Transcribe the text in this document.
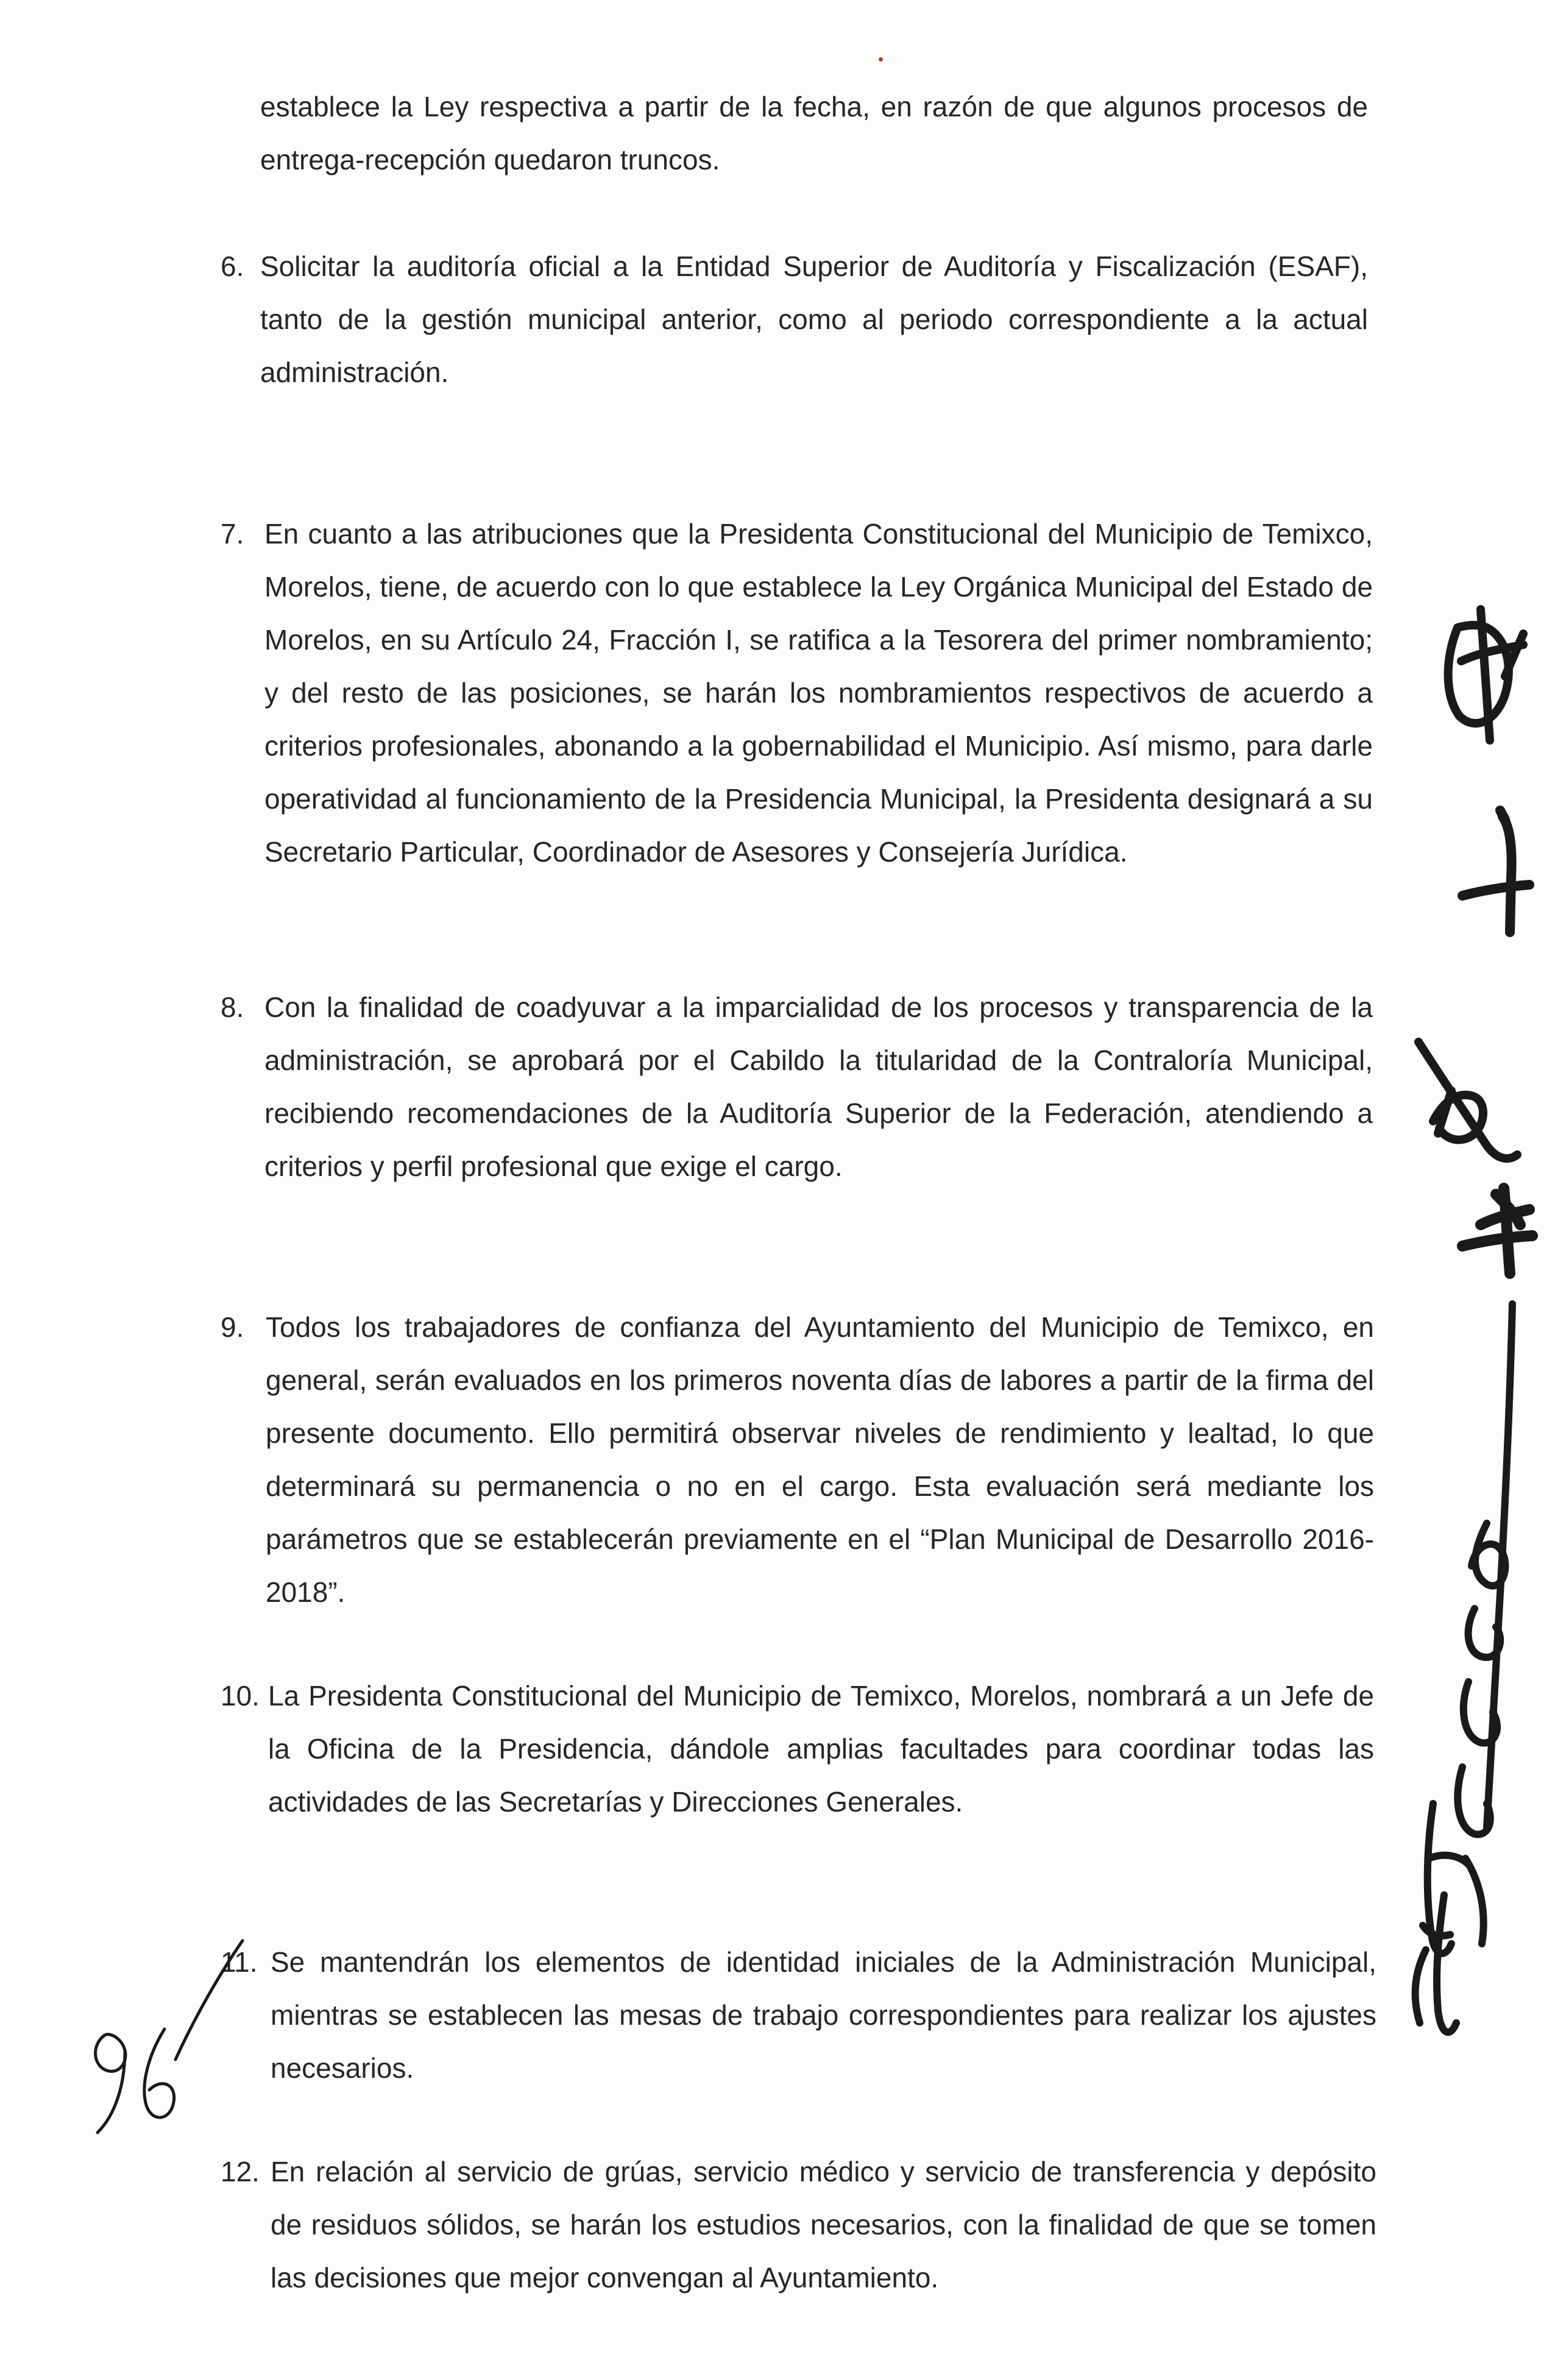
establece la Ley respectiva a partir de la fecha, en razón de que algunos procesos de entrega-recepción quedaron truncos.

6. Solicitar la auditoría oficial a la Entidad Superior de Auditoría y Fiscalización (ESAF), tanto de la gestión municipal anterior, como al periodo correspondiente a la actual administración.

7. En cuanto a las atribuciones que la Presidenta Constitucional del Municipio de Temixco, Morelos, tiene, de acuerdo con lo que establece la Ley Orgánica Municipal del Estado de Morelos, en su Artículo 24, Fracción I, se ratifica a la Tesorera del primer nombramiento; y del resto de las posiciones, se harán los nombramientos respectivos de acuerdo a criterios profesionales, abonando a la gobernabilidad el Municipio. Así mismo, para darle operatividad al funcionamiento de la Presidencia Municipal, la Presidenta designará a su Secretario Particular, Coordinador de Asesores y Consejería Jurídica.

8. Con la finalidad de coadyuvar a la imparcialidad de los procesos y transparencia de la administración, se aprobará por el Cabildo la titularidad de la Contraloría Municipal, recibiendo recomendaciones de la Auditoría Superior de la Federación, atendiendo a criterios y perfil profesional que exige el cargo.

9. Todos los trabajadores de confianza del Ayuntamiento del Municipio de Temixco, en general, serán evaluados en los primeros noventa días de labores a partir de la firma del presente documento. Ello permitirá observar niveles de rendimiento y lealtad, lo que determinará su permanencia o no en el cargo. Esta evaluación será mediante los parámetros que se establecerán previamente en el “Plan Municipal de Desarrollo 2016-2018”.

10. La Presidenta Constitucional del Municipio de Temixco, Morelos, nombrará a un Jefe de la Oficina de la Presidencia, dándole amplias facultades para coordinar todas las actividades de las Secretarías y Direcciones Generales.

11. Se mantendrán los elementos de identidad iniciales de la Administración Municipal, mientras se establecen las mesas de trabajo correspondientes para realizar los ajustes necesarios.

12. En relación al servicio de grúas, servicio médico y servicio de transferencia y depósito de residuos sólidos, se harán los estudios necesarios, con la finalidad de que se tomen las decisiones que mejor convengan al Ayuntamiento.
